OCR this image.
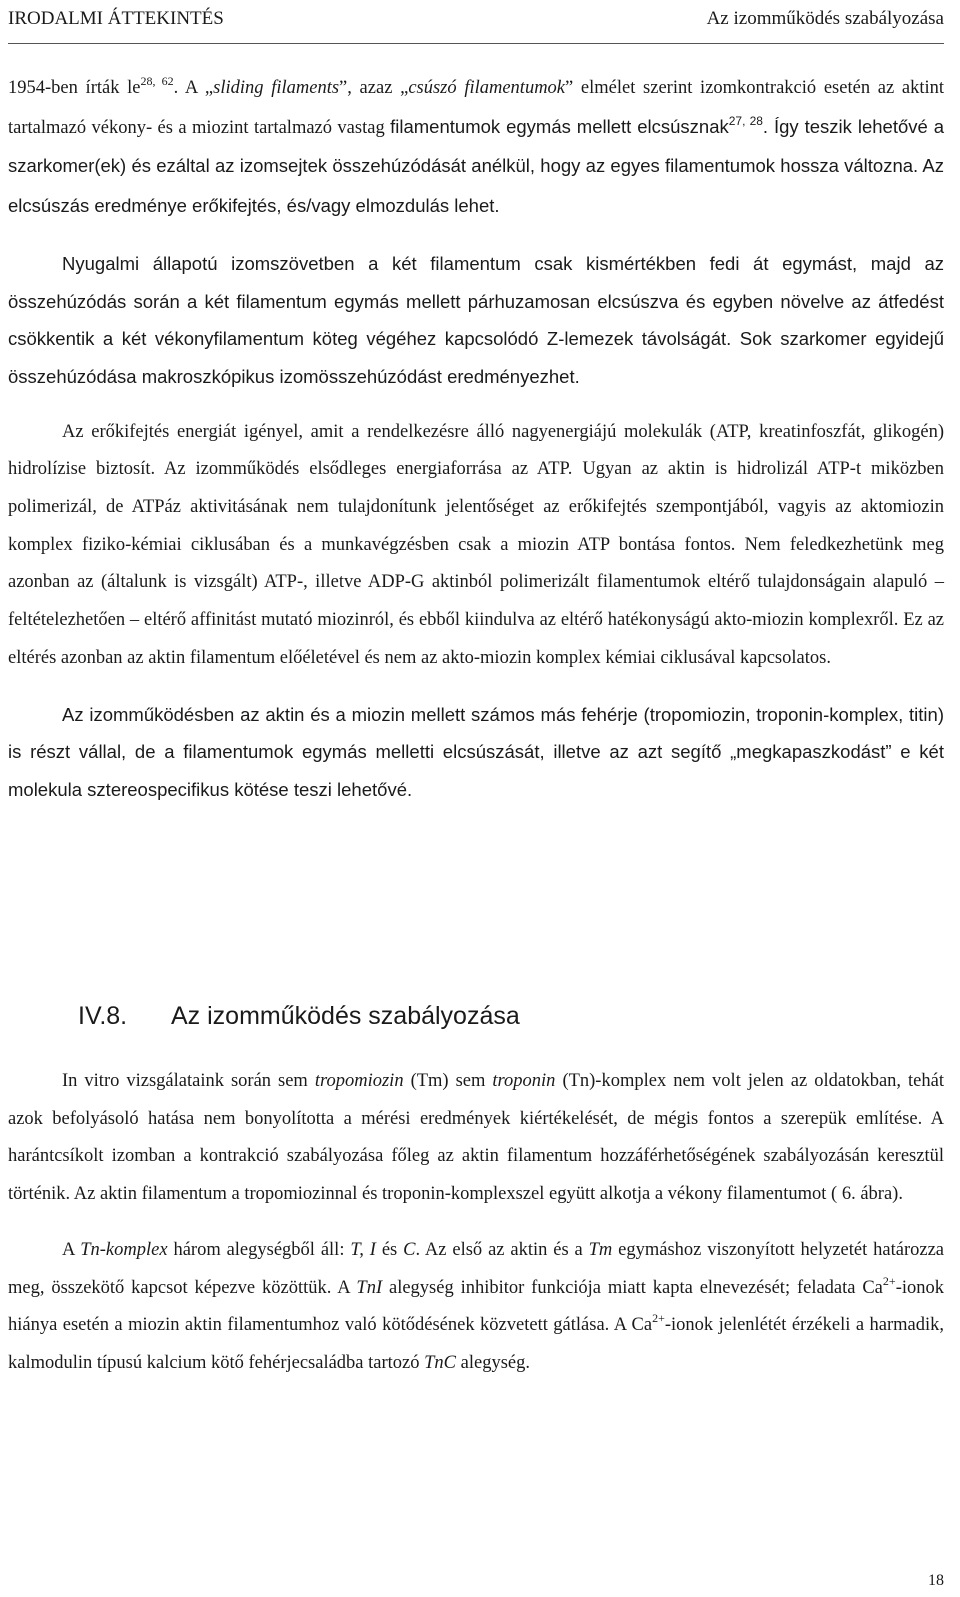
IRODALMI ÁTTEKINTÉS	Az izomműködés szabályozása

1954-ben írták le$^{28, 62}$. A „sliding filaments”, azaz „csúszó filamentumok” elmélet szerint izomkontrakció esetén az aktint tartalmazó vékony- és a miozint tartalmazó vastag filamentumok egymás mellett elcsúsznak$^{27, 28}$. Így teszik lehetővé a szarkomer(ek) és ezáltal az izomsejtek összehúzódását anélkül, hogy az egyes filamentumok hossza változna. Az elcsúszás eredménye erőkifejtés, és/vagy elmozdulás lehet.

Nyugalmi állapotú izomszövetben a két filamentum csak kismértékben fedi át egymást, majd az összehúzódás során a két filamentum egymás mellett párhuzamosan elcsúszva és egyben növelve az átfedést csökkentik a két vékonyfilamentum köteg végéhez kapcsolódó Z-lemezek távolságát. Sok szarkomer egyidejű összehúzódása makroszkópikus izomösszehúzódást eredményezhet.

Az erőkifejtés energiát igényel, amit a rendelkezésre álló nagyenergiájú molekulák (ATP, kreatinfoszfát, glikogén) hidrolízise biztosít. Az izomműködés elsődleges energiaforrása az ATP. Ugyan az aktin is hidrolizál ATP-t miközben polimerizál, de ATPáz aktivitásának nem tulajdonítunk jelentőséget az erőkifejtés szempontjából, vagyis az aktomiozin komplex fiziko-kémiai ciklusában és a munkavégzésben csak a miozin ATP bontása fontos. Nem feledkezhetünk meg azonban az (általunk is vizsgált) ATP-, illetve ADP-G aktinból polimerizált filamentumok eltérő tulajdonságain alapuló – feltételezhetően – eltérő affinitást mutató miozinról, és ebből kiindulva az eltérő hatékonyságú akto-miozin komplexről. Ez az eltérés azonban az aktin filamentum előéletével és nem az akto-miozin komplex kémiai ciklusával kapcsolatos.

Az izomműködésben az aktin és a miozin mellett számos más fehérje (tropomiozin, troponin-komplex, titin) is részt vállal, de a filamentumok egymás melletti elcsúszását, illetve az azt segítő „megkapaszkodást” e két molekula sztereospecifikus kötése teszi lehetővé.

IV.8. Az izomműködés szabályozása

In vitro vizsgálataink során sem tropomiozin (Tm) sem troponin (Tn)-komplex nem volt jelen az oldatokban, tehát azok befolyásoló hatása nem bonyolította a mérési eredmények kiértékelését, de mégis fontos a szerepük említése. A harántcsíkolt izomban a kontrakció szabályozása főleg az aktin filamentum hozzáférhetőségének szabályozásán keresztül történik. Az aktin filamentum a tropomiozinnal és troponin-komplexszel együtt alkotja a vékony filamentumot ( 6. ábra).

A Tn-komplex három alegységből áll: T, I és C. Az első az aktin és a Tm egymáshoz viszonyított helyzetét határozza meg, összekötő kapcsot képezve közöttük. A TnI alegység inhibitor funkciója miatt kapta elnevezését; feladata $Ca^{2+}$-ionok hiánya esetén a miozin aktin filamentumhoz való kötődésének közvetett gátlása. A $Ca^{2+}$-ionok jelenlétét érzékeli a harmadik, kalmodulin típusú kalcium kötő fehérjecsaládba tartozó TnC alegység.

18
